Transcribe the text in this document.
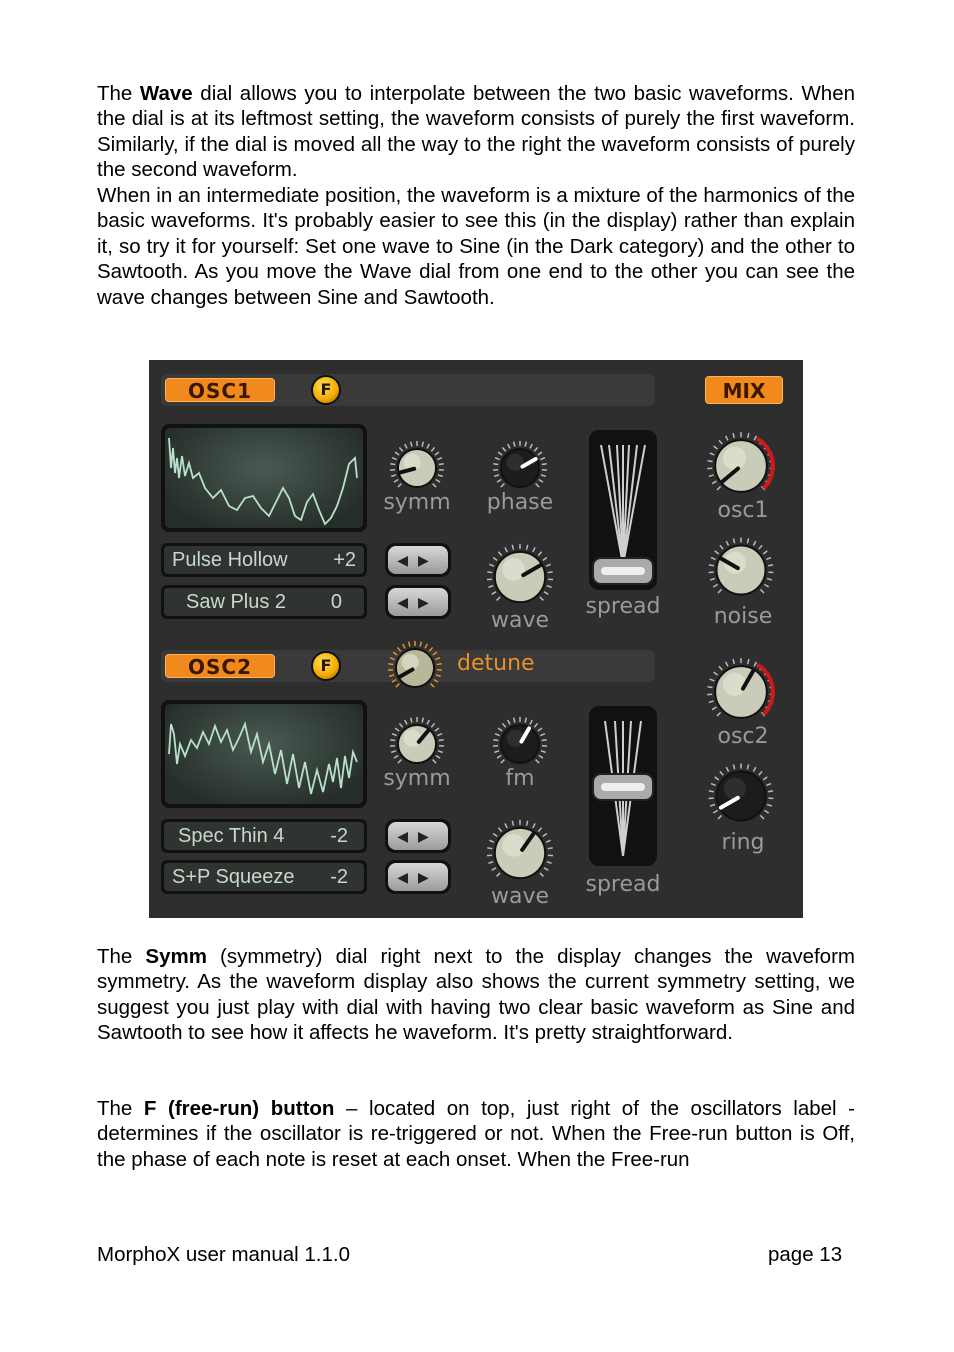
The Wave dial allows you to interpolate between the two basic waveforms. When the dial is at its leftmost setting, the waveform consists of purely the first waveform. Similarly, if the dial is moved all the way to the right the waveform consists of purely the second waveform.

When in an intermediate position, the waveform is a mixture of the harmonics of the basic waveforms. It's probably easier to see this (in the display) rather than explain it, so try it for yourself: Set one wave to Sine (in the Dark category) and the other to Sawtooth. As you move the Wave dial from one end to the other you can see the wave changes between Sine and Sawtooth.

OSC1	F	MIX
Pulse Hollow +2
Saw Plus 2 0
◀▶
◀▶
symm	phase
wave
spread
osc1
noise
OSC2	F	detune
Spec Thin 4 -2
S+P Squeeze -2
◀▶
◀▶
symm	fm
wave	spread
osc2
ring

The Symm (symmetry) dial right next to the display changes the waveform symmetry. As the waveform display also shows the current symmetry setting, we suggest you just play with dial with having two clear basic waveform as Sine and Sawtooth to see how it affects he waveform. It's pretty straightforward.

The F (free-run) button – located on top, just right of the oscillators label - determines if the oscillator is re-triggered or not. When the Free-run button is Off, the phase of each note is reset at each onset. When the Free-run

MorphoX user manual 1.1.0	page 13
